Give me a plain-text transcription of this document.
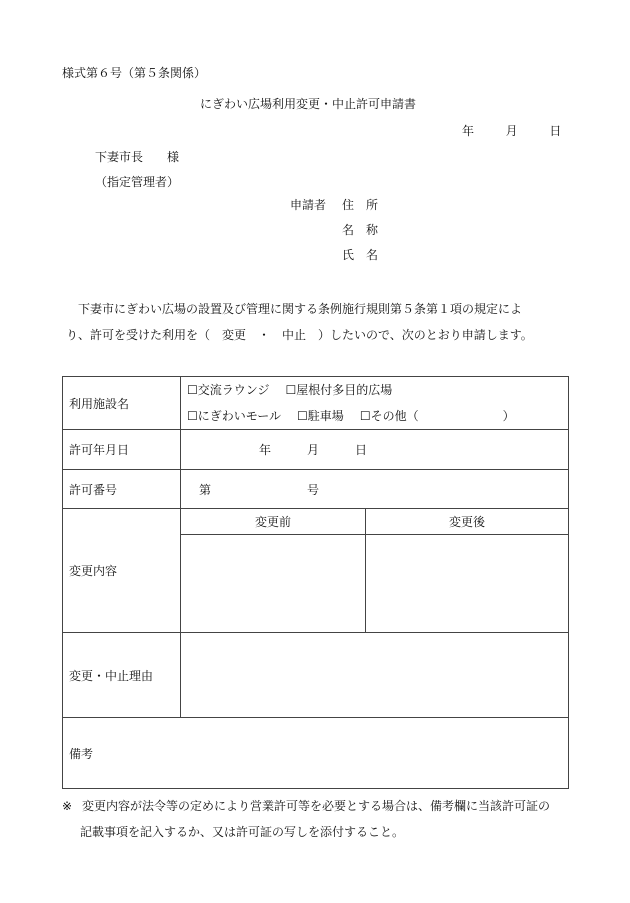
様式第６号（第５条関係）
にぎわい広場利用変更・中止許可申請書
年	月	日
下妻市長　　様
（指定管理者）
申請者 住　所
名　称
氏　名

下妻市にぎわい広場の設置及び管理に関する条例施行規則第５条第１項の規定によ
り、許可を受けた利用を（　変更　・　中止　）したいので、次のとおり申請します。

利用施設名	☐交流ラウンジ ☐屋根付多目的広場
☐にぎわいモール ☐駐車場 ☐その他（　　　　　　　）	

許可年月日	年　　　月　　　日	
許可番号	第　　　　　　　　号	
変更内容	変更前	変更後

変更・中止理由		
備考		
※ 変更内容が法令等の定めにより営業許可等を必要とする場合は、備考欄に当該許可証の
記載事項を記入するか、又は許可証の写しを添付すること。
